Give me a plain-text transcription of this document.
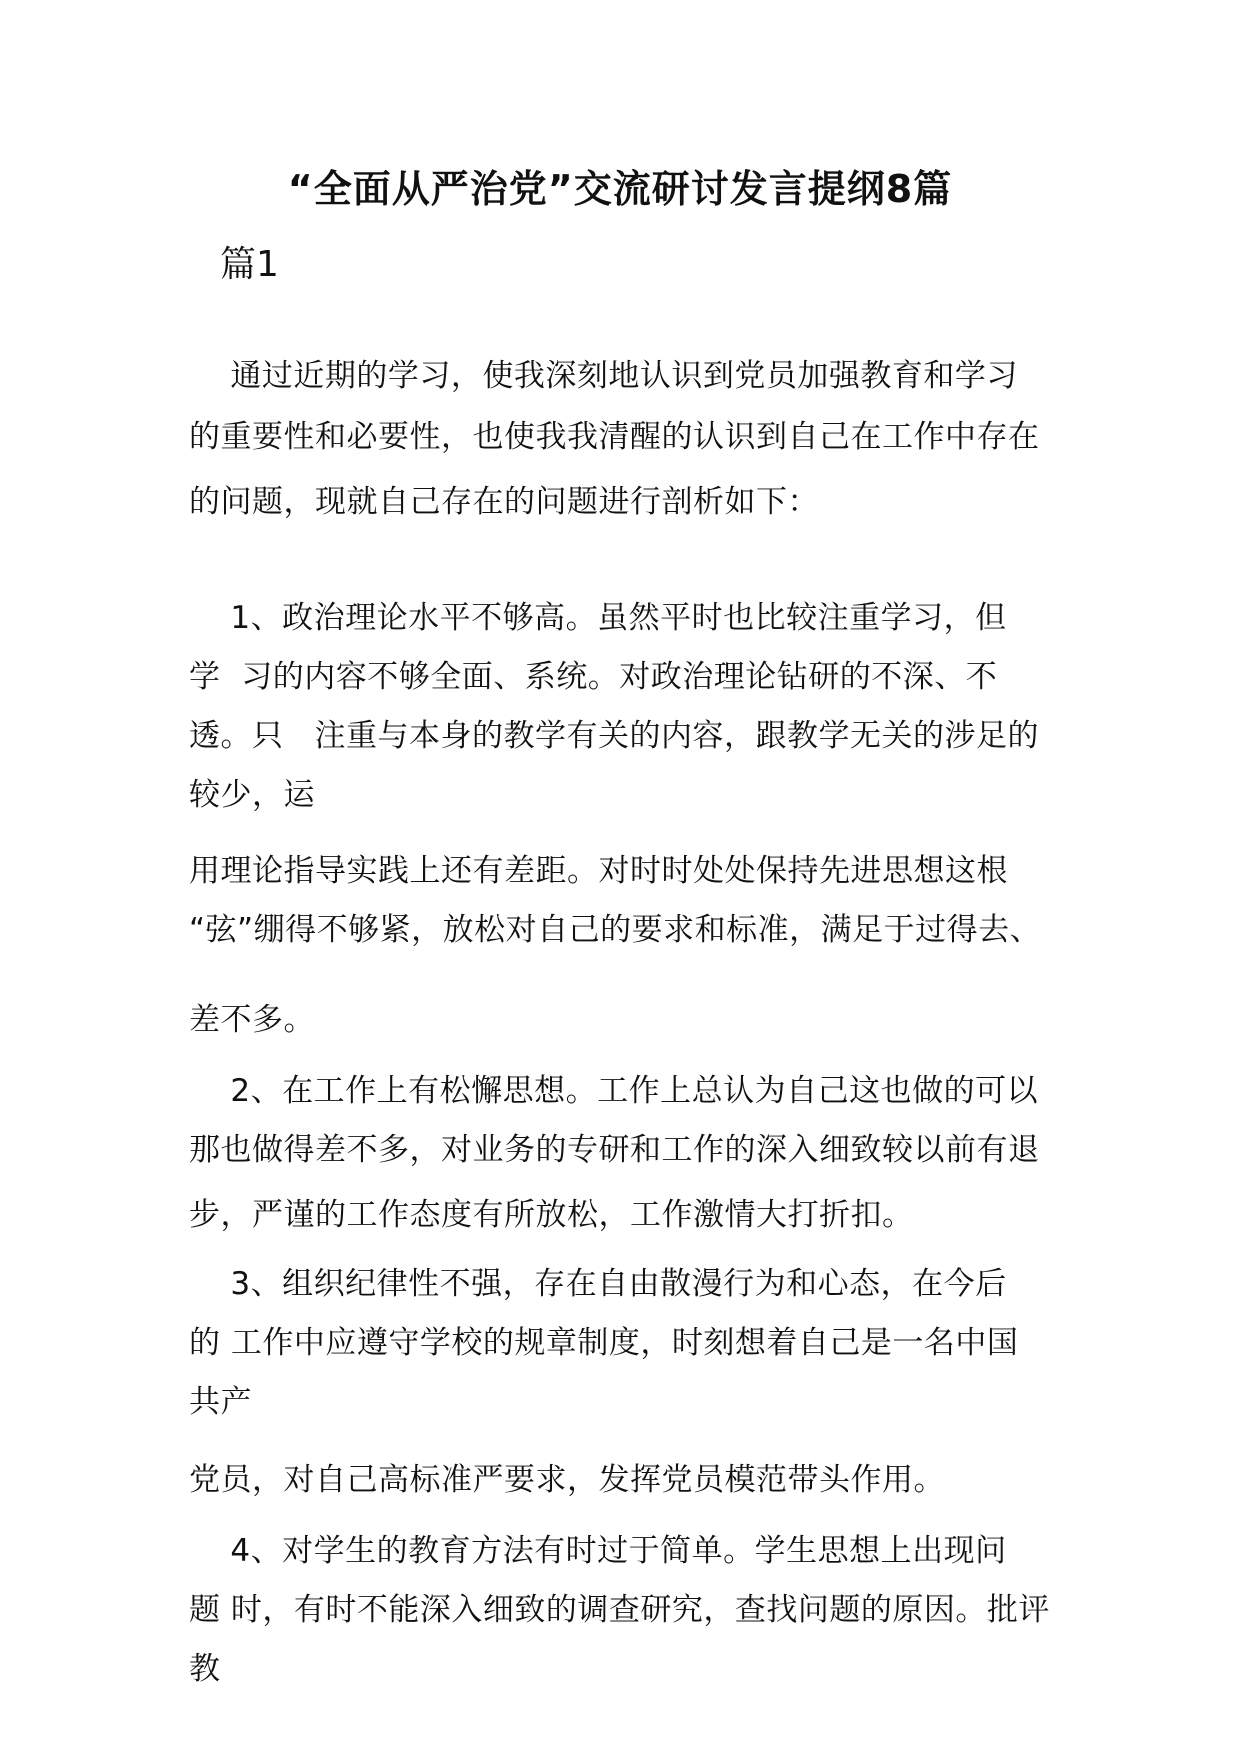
“全面从严治党”交流研讨发言提纲8篇
篇1
通过近期的学习，使我深刻地认识到党员加强教育和学习
的重要性和必要性，也使我我清醒的认识到自己在工作中存在
的问题，现就自己存在的问题进行剖析如下：
1、政治理论水平不够高。虽然平时也比较注重学习，但
学  习的内容不够全面、系统。对政治理论钻研的不深、不
透。只   注重与本身的教学有关的内容，跟教学无关的涉足的
较少，运
用理论指导实践上还有差距。对时时处处保持先进思想这根
“弦”绷得不够紧，放松对自己的要求和标准，满足于过得去、
差不多。
2、在工作上有松懈思想。工作上总认为自己这也做的可以
那也做得差不多，对业务的专研和工作的深入细致较以前有退
步，严谨的工作态度有所放松，工作激情大打折扣。
3、组织纪律性不强，存在自由散漫行为和心态，在今后
的 工作中应遵守学校的规章制度，时刻想着自己是一名中国
共产
党员，对自己高标准严要求，发挥党员模范带头作用。
4、对学生的教育方法有时过于简单。学生思想上出现问
题 时，有时不能深入细致的调查研究，查找问题的原因。批评
教
